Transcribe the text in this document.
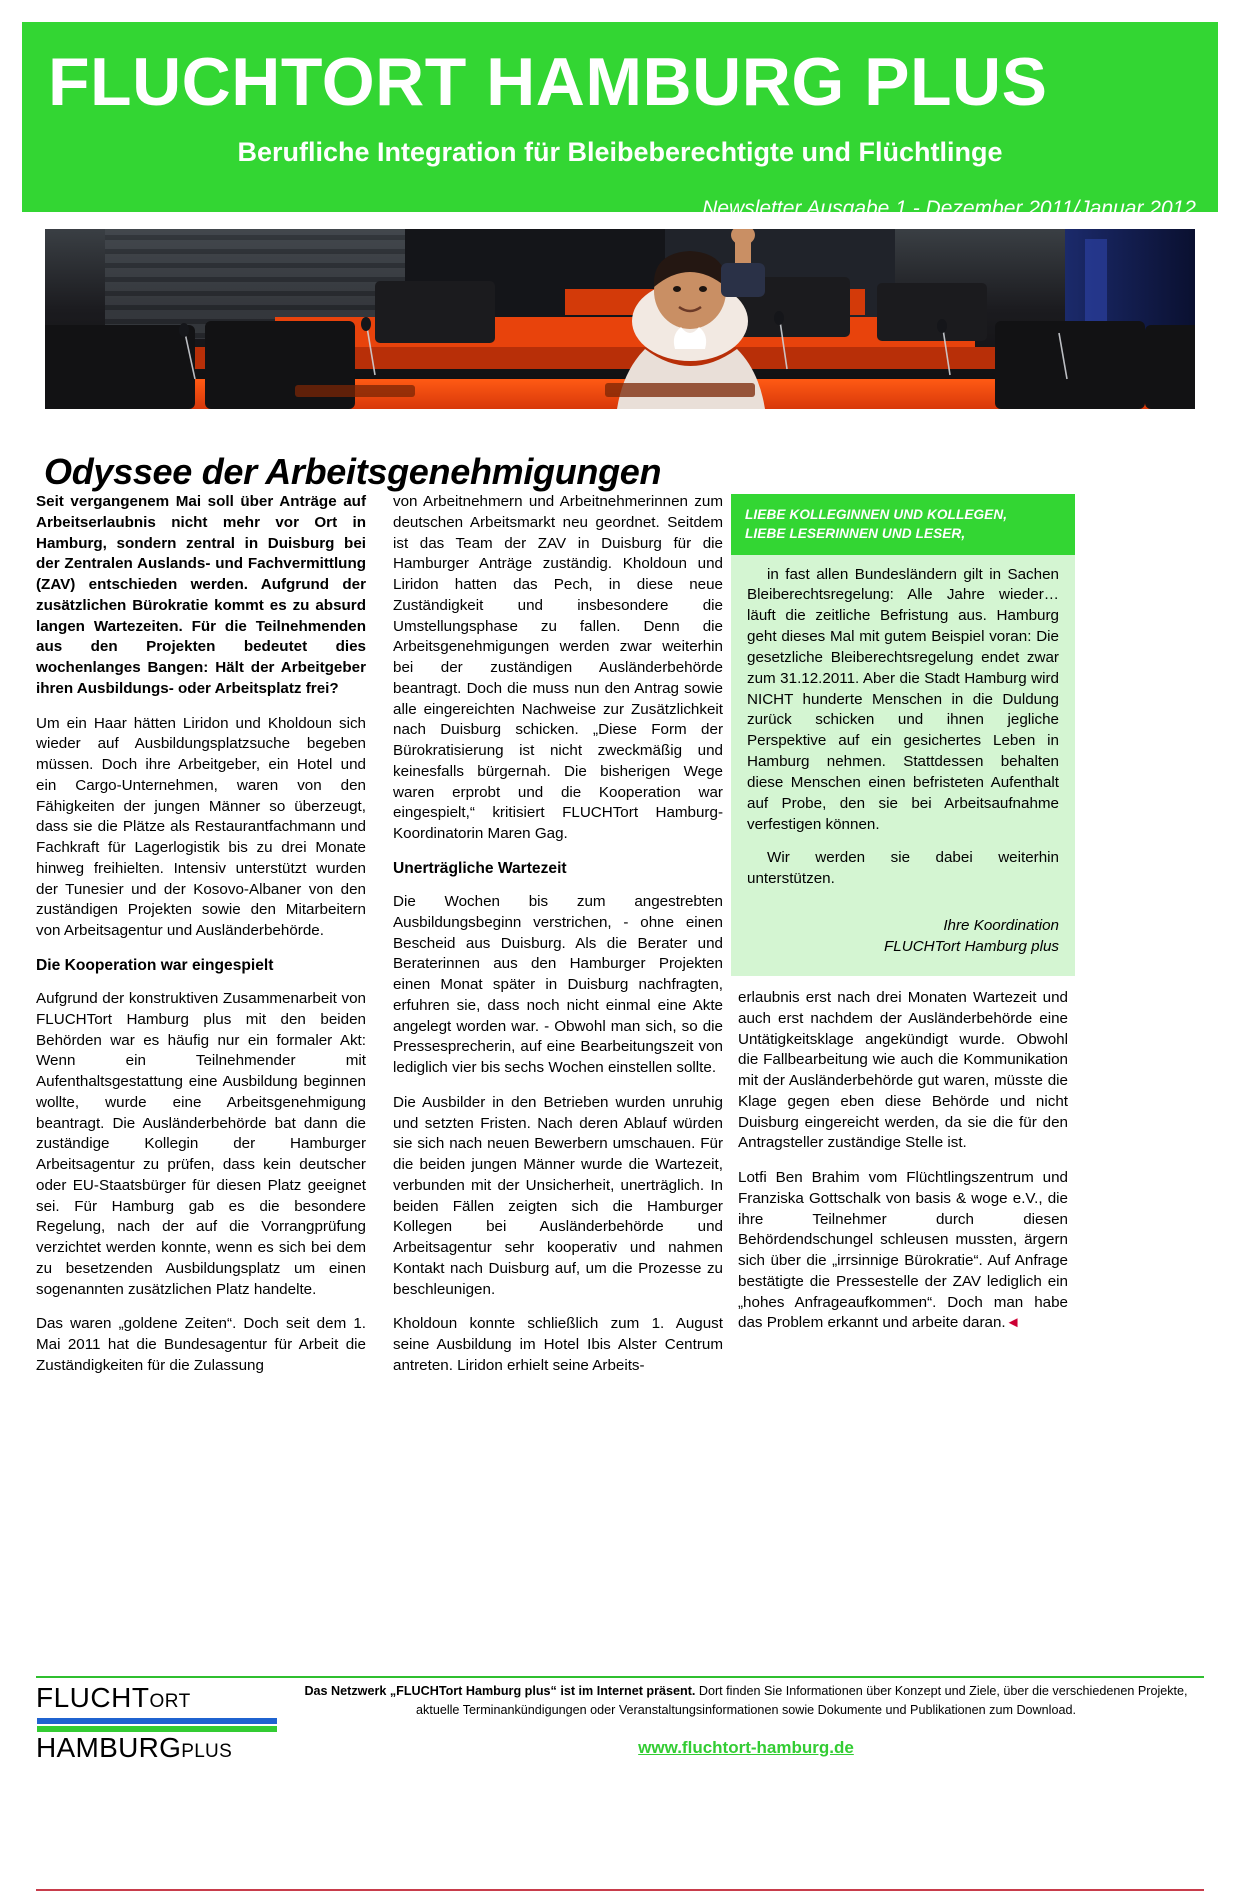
FLUCHTORT HAMBURG PLUS
Berufliche Integration für Bleibeberechtigte und Flüchtlinge
Newsletter Ausgabe 1 - Dezember 2011/Januar 2012
Odyssee der Arbeitsgenehmigungen

Seit vergangenem Mai soll über Anträge auf Arbeitserlaubnis nicht mehr vor Ort in Hamburg, sondern zentral in Duisburg bei der Zentralen Auslands- und Fachvermittlung (ZAV) entschieden werden. Aufgrund der zusätzlichen Bürokratie kommt es zu absurd langen Wartezeiten. Für die Teilnehmenden aus den Projekten bedeutet dies wochenlanges Bangen: Hält der Arbeitgeber ihren Ausbildungs- oder Arbeitsplatz frei?

Um ein Haar hätten Liridon und Kholdoun sich wieder auf Ausbildungsplatzsuche begeben müssen. Doch ihre Arbeitgeber, ein Hotel und ein Cargo-Unternehmen, waren von den Fähigkeiten der jungen Männer so überzeugt, dass sie die Plätze als Restaurantfachmann und Fachkraft für Lagerlogistik bis zu drei Monate hinweg freihielten. Intensiv unterstützt wurden der Tunesier und der Kosovo-Albaner von den zuständigen Projekten sowie den Mitarbeitern von Arbeitsagentur und Ausländerbehörde.

Die Kooperation war eingespielt

Aufgrund der konstruktiven Zusammenarbeit von FLUCHTort Hamburg plus mit den beiden Behörden war es häufig nur ein formaler Akt: Wenn ein Teilnehmender mit Aufenthaltsgestattung eine Ausbildung beginnen wollte, wurde eine Arbeitsgenehmigung beantragt. Die Ausländerbehörde bat dann die zuständige Kollegin der Hamburger Arbeitsagentur zu prüfen, dass kein deutscher oder EU-Staatsbürger für diesen Platz geeignet sei. Für Hamburg gab es die besondere Regelung, nach der auf die Vorrangprüfung verzichtet werden konnte, wenn es sich bei dem zu besetzenden Ausbildungsplatz um einen sogenannten zusätzlichen Platz handelte.

Das waren „goldene Zeiten“. Doch seit dem 1. Mai 2011 hat die Bundesagentur für Arbeit die Zuständigkeiten für die Zulassung

von Arbeitnehmern und Arbeitnehmerinnen zum deutschen Arbeitsmarkt neu geordnet. Seitdem ist das Team der ZAV in Duisburg für die Hamburger Anträge zuständig. Kholdoun und Liridon hatten das Pech, in diese neue Zuständigkeit und insbesondere die Umstellungsphase zu fallen. Denn die Arbeitsgenehmigungen werden zwar weiterhin bei der zuständigen Ausländerbehörde beantragt. Doch die muss nun den Antrag sowie alle eingereichten Nachweise zur Zusätzlichkeit nach Duisburg schicken. „Diese Form der Bürokratisierung ist nicht zweckmäßig und keinesfalls bürgernah. Die bisherigen Wege waren erprobt und die Kooperation war eingespielt,“ kritisiert FLUCHTort Hamburg-Koordinatorin Maren Gag.

Unerträgliche Wartezeit

Die Wochen bis zum angestrebten Ausbildungsbeginn verstrichen, - ohne einen Bescheid aus Duisburg. Als die Berater und Beraterinnen aus den Hamburger Projekten einen Monat später in Duisburg nachfragten, erfuhren sie, dass noch nicht einmal eine Akte angelegt worden war. - Obwohl man sich, so die Pressesprecherin, auf eine Bearbeitungszeit von lediglich vier bis sechs Wochen einstellen sollte.

Die Ausbilder in den Betrieben wurden unruhig und setzten Fristen. Nach deren Ablauf würden sie sich nach neuen Bewerbern umschauen. Für die beiden jungen Männer wurde die Wartezeit, verbunden mit der Unsicherheit, unerträglich. In beiden Fällen zeigten sich die Hamburger Kollegen bei Ausländerbehörde und Arbeitsagentur sehr kooperativ und nahmen Kontakt nach Duisburg auf, um die Prozesse zu beschleunigen.

Kholdoun konnte schließlich zum 1. August seine Ausbildung im Hotel Ibis Alster Centrum antreten. Liridon erhielt seine Arbeits-

LIEBE KOLLEGINNEN UND KOLLEGEN,
LIEBE LESERINNEN UND LESER,

in fast allen Bundesländern gilt in Sachen Bleiberechtsregelung: Alle Jahre wieder… läuft die zeitliche Befristung aus. Hamburg geht dieses Mal mit gutem Beispiel voran: Die gesetzliche Bleiberechtsregelung endet zwar zum 31.12.2011. Aber die Stadt Hamburg wird NICHT hunderte Menschen in die Duldung zurück schicken und ihnen jegliche Perspektive auf ein gesichertes Leben in Hamburg nehmen. Stattdessen behalten diese Menschen einen befristeten Aufenthalt auf Probe, den sie bei Arbeitsaufnahme verfestigen können.

Wir werden sie dabei weiterhin unterstützen.

Ihre Koordination
FLUCHTort Hamburg plus

erlaubnis erst nach drei Monaten Wartezeit und auch erst nachdem der Ausländerbehörde eine Untätigkeitsklage angekündigt wurde. Obwohl die Fallbearbeitung wie auch die Kommunikation mit der Ausländerbehörde gut waren, müsste die Klage gegen eben diese Behörde und nicht Duisburg eingereicht werden, da sie die für den Antragsteller zuständige Stelle ist.

Lotfi Ben Brahim vom Flüchtlingszentrum und Franziska Gottschalk von basis & woge e.V., die ihre Teilnehmer durch diesen Behördendschungel schleusen mussten, ärgern sich über die „irrsinnige Bürokratie“. Auf Anfrage bestätigte die Pressestelle der ZAV lediglich ein „hohes Anfrageaufkommen“. Doch man habe das Problem erkannt und arbeite daran.◄

FLUCHTORT
HAMBURGPLUS
Das Netzwerk „FLUCHTort Hamburg plus“ ist im Internet präsent. Dort finden Sie Informationen über Konzept und Ziele, über die verschiedenen Projekte, aktuelle Terminankündigungen oder Veranstaltungsinformationen sowie Dokumente und Publikationen zum Download.
www.fluchtort-hamburg.de
